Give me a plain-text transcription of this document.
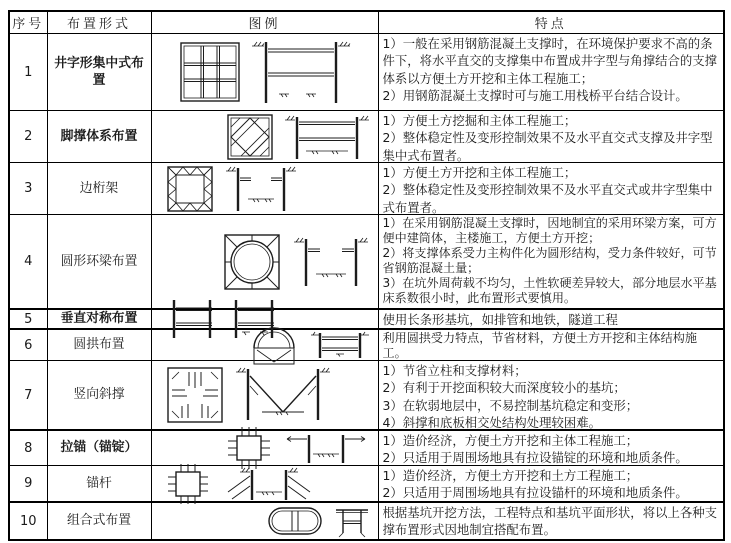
序号	布置形式	图例	特点
1	井字形集中式布置		1）一般在采用钢筋混凝土支撑时，在环境保护要求不高的条件下，将水平直交的支撑集中布置成井字型与角撑结合的支撑体系以方便土方开挖和主体工程施工；
2）用钢筋混凝土支撑时可与施工用栈桥平台结合设计。

2	脚撑体系布置		1）方便土方挖掘和主体工程施工；
2）整体稳定性及变形控制效果不及水平直交式支撑及井字型集中式布置者。

3	边桁架		1）方便土方开挖和主体工程施工；
2）整体稳定性及变形控制效果不及水平直交式或井字型集中式布置者。

4	圆形环梁布置		1）在采用钢筋混凝土支撑时，因地制宜的采用环梁方案，可方便中建筒体，主楼施工，方便土方开挖；
2）将支撑体系受力主构件化为圆形结构，受力条件较好，可节省钢筋混凝土量；
3）在坑外周荷载不均匀，土性软硬差异较大，部分地层水平基床系数很小时，此布置形式要慎用。

5	垂直对称布置		使用长条形基坑，如排管和地铁，隧道工程

6	圆拱布置		利用圆拱受力特点，节省材料，方便土方开挖和主体结构施工。

7	竖向斜撑		1）节省立柱和支撑材料；
2）有利于开挖面积较大而深度较小的基坑；
3）在软弱地层中，不易控制基坑稳定和变形；
4）斜撑和底板相交处结构处理较困难。

8	拉锚（锚锭）		1）造价经济，方便土方开挖和主体工程施工；
2）只适用于周围场地具有拉设锚锭的环境和地质条件。

9	锚杆		1）造价经济，方便土方开挖和土方工程施工；
2）只适用于周围场地具有拉设锚杆的环境和地质条件。

10	组合式布置		根据基坑开挖方法，工程特点和基坑平面形状，将以上各种支撑布置形式因地制宜搭配布置。
